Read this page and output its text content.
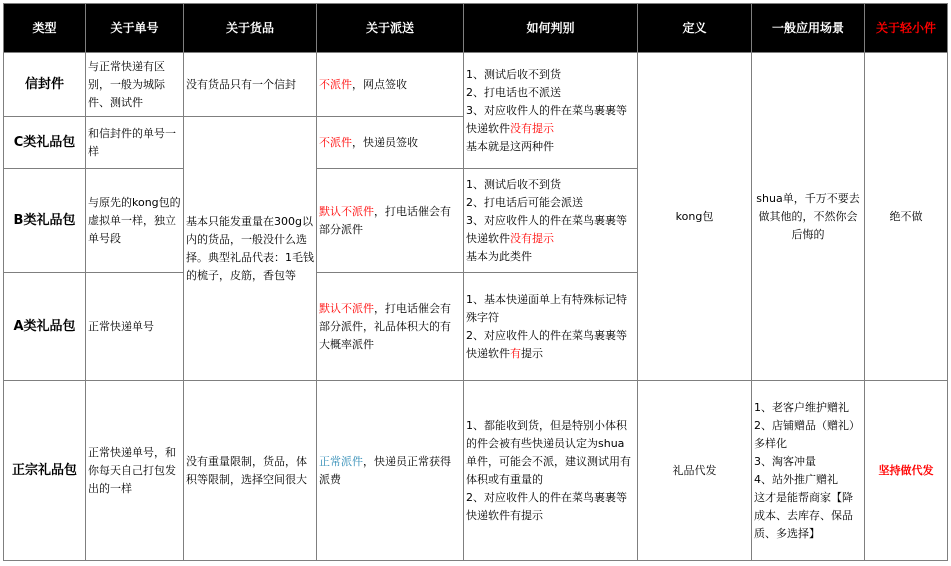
类型	关于单号	关于货品	关于派送	如何判别	定义	一般应用场景	关于轻小件
信封件	与正常快递有区别，一般为城际件、测试件	没有货品只有一个信封	不派件，网点签收	1、测试后收不到货
2、打电话也不派送
3、对应收件人的件在菜鸟裹裹等快递软件没有提示
基本就是这两种件	kong包	shua单，千万不要去做其他的，不然你会后悔的	绝不做
C类礼品包	和信封件的单号一样	基本只能发重量在300g以内的货品，一般没什么选择。典型礼品代表：1毛钱的梳子，皮筋，香包等	不派件，快递员签收				
B类礼品包	与原先的kong包的虚拟单一样，独立单号段		默认不派件，打电话催会有部分派件	1、测试后收不到货
2、打电话后可能会派送
3、对应收件人的件在菜鸟裹裹等快递软件没有提示
基本为此类件			

A类礼品包	正常快递单号		默认不派件，打电话催会有部分派件，礼品体积大的有大概率派件	1、基本快递面单上有特殊标记特殊字符
2、对应收件人的件在菜鸟裹裹等快递软件有提示			

正宗礼品包	正常快递单号，和你每天自己打包发出的一样	没有重量限制，货品，体积等限制，选择空间很大	正常派件，快递员正常获得派费	1、都能收到货，但是特别小体积的件会被有些快递员认定为shua单件，可能会不派，建议测试用有体积或有重量的
2、对应收件人的件在菜鸟裹裹等快递软件有提示	礼品代发	1、老客户维护赠礼
2、店铺赠品（赠礼）多样化
3、淘客冲量
4、站外推广赠礼
这才是能帮商家【降成本、去库存、保品质、多选择】	坚持做代发
